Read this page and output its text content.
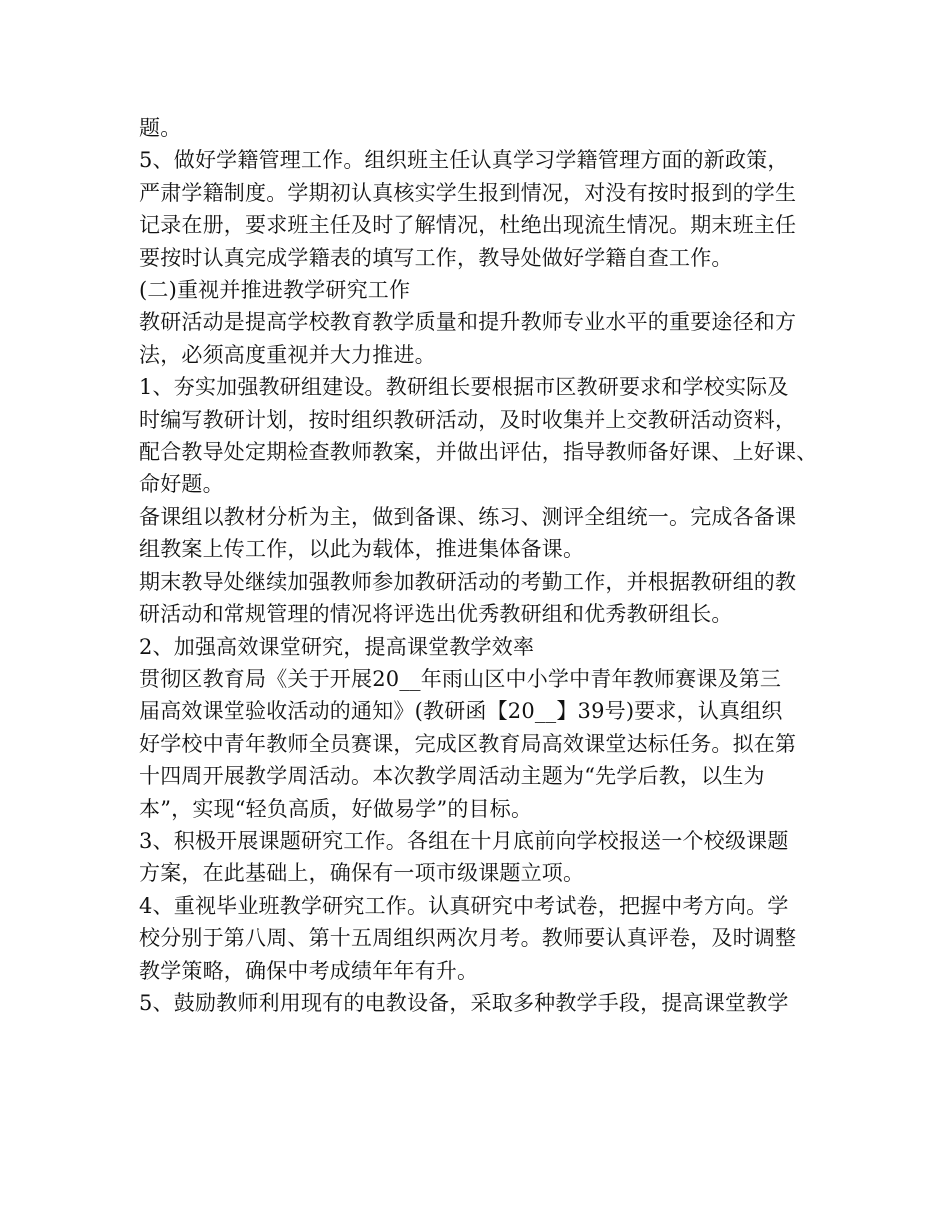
题。

5、做好学籍管理工作。组织班主任认真学习学籍管理方面的新政策，

严肃学籍制度。学期初认真核实学生报到情况，对没有按时报到的学生

记录在册，要求班主任及时了解情况，杜绝出现流生情况。期末班主任

要按时认真完成学籍表的填写工作，教导处做好学籍自查工作。

(二)重视并推进教学研究工作

教研活动是提高学校教育教学质量和提升教师专业水平的重要途径和方

法，必须高度重视并大力推进。

1、夯实加强教研组建设。教研组长要根据市区教研要求和学校实际及

时编写教研计划，按时组织教研活动，及时收集并上交教研活动资料，

配合教导处定期检查教师教案，并做出评估，指导教师备好课、上好课、

命好题。

备课组以教材分析为主，做到备课、练习、测评全组统一。完成各备课

组教案上传工作，以此为载体，推进集体备课。

期末教导处继续加强教师参加教研活动的考勤工作，并根据教研组的教

研活动和常规管理的情况将评选出优秀教研组和优秀教研组长。

2、加强高效课堂研究，提高课堂教学效率

贯彻区教育局《关于开展20__年雨山区中小学中青年教师赛课及第三

届高效课堂验收活动的通知》(教研函【20__】39号)要求，认真组织

好学校中青年教师全员赛课，完成区教育局高效课堂达标任务。拟在第

十四周开展教学周活动。本次教学周活动主题为“先学后教，以生为

本”，实现“轻负高质，好做易学”的目标。

3、积极开展课题研究工作。各组在十月底前向学校报送一个校级课题

方案，在此基础上，确保有一项市级课题立项。

4、重视毕业班教学研究工作。认真研究中考试卷，把握中考方向。学

校分别于第八周、第十五周组织两次月考。教师要认真评卷，及时调整

教学策略，确保中考成绩年年有升。

5、鼓励教师利用现有的电教设备，采取多种教学手段，提高课堂教学
